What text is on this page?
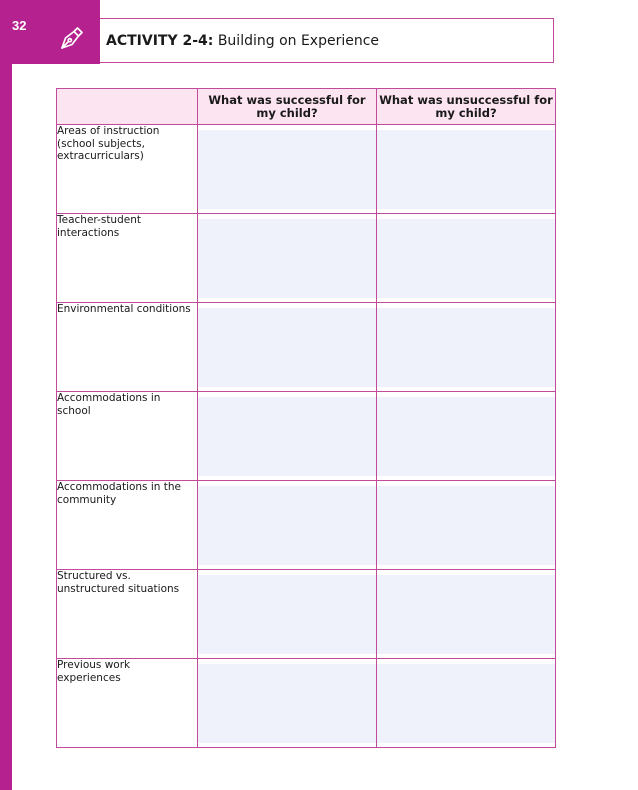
32
ACTIVITY 2-4: Building on Experience
	What was successful for my child?	What was unsuccessful for my child?
Areas of instruction (school subjects, extracurriculars)	

Teacher-student interactions	

Environmental conditions	

Accommodations in school	

Accommodations in the community	

Structured vs. unstructured situations	

Previous work experiences	
